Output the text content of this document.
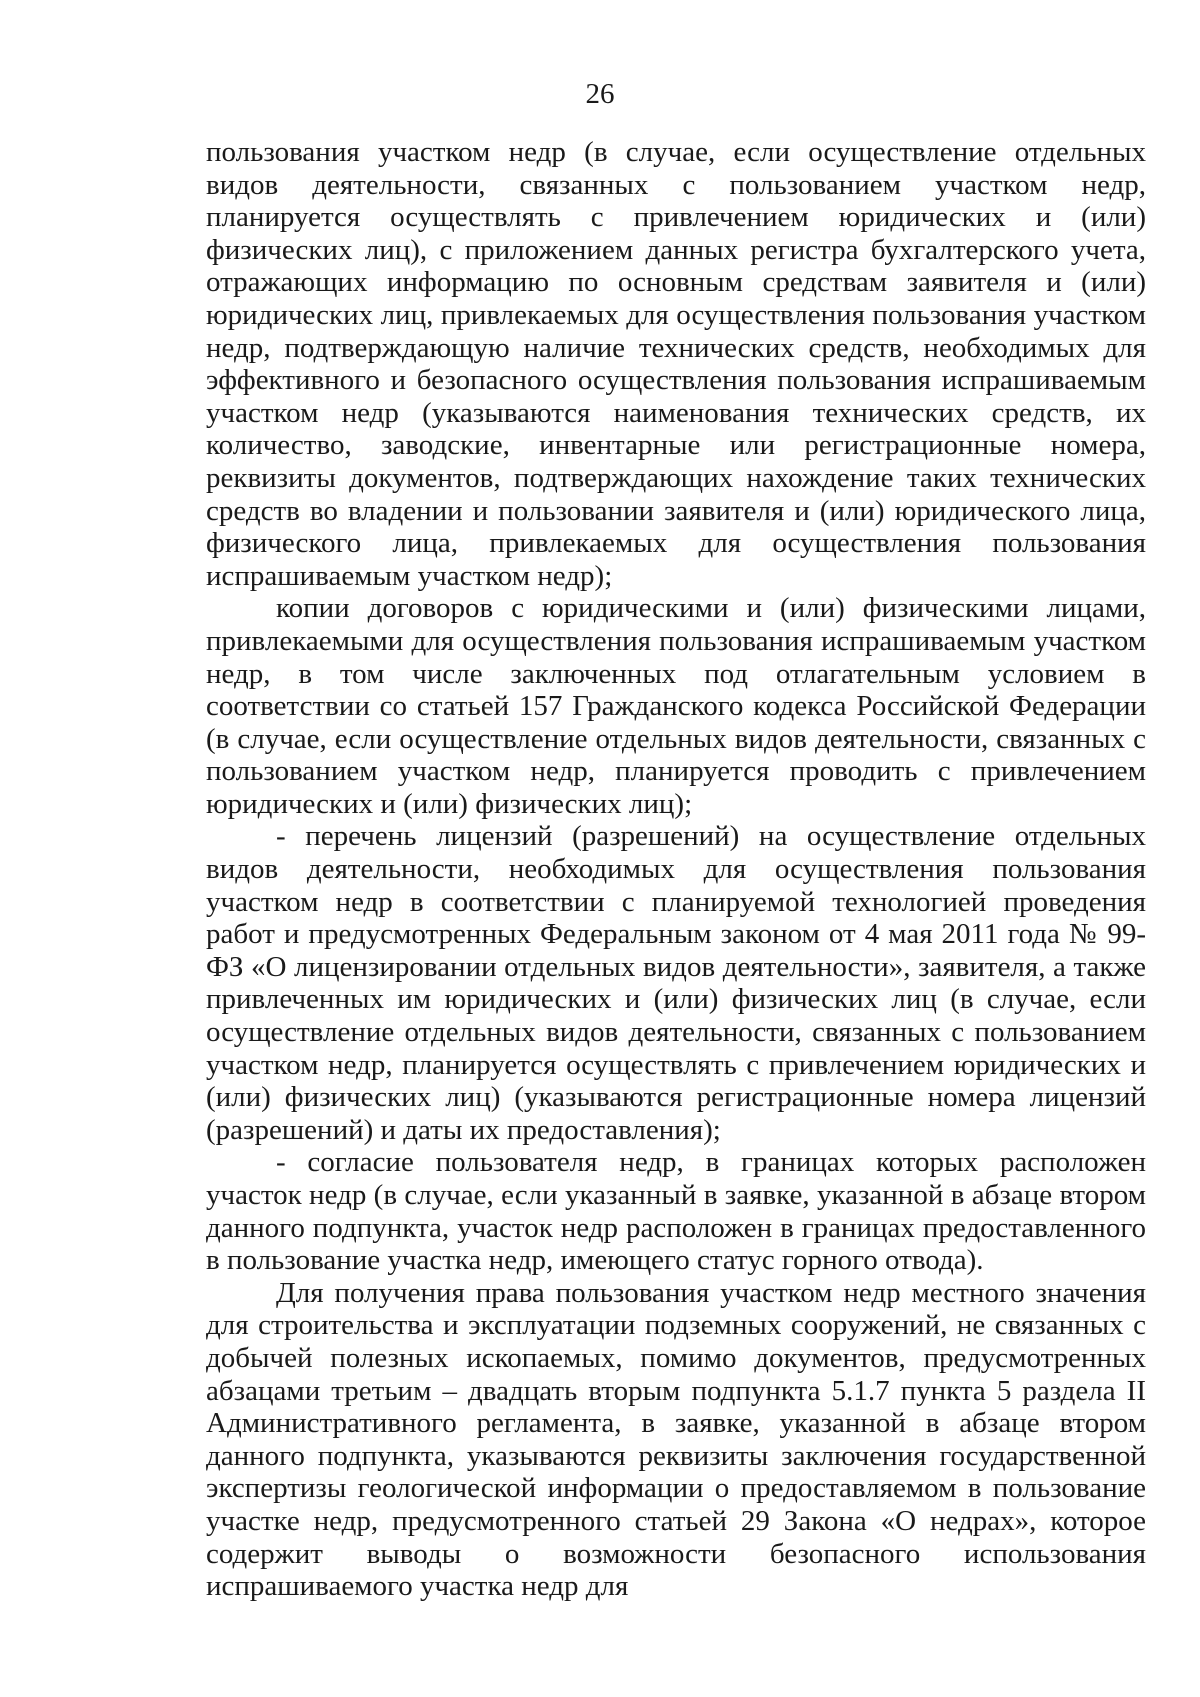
26

пользования участком недр (в случае, если осуществление отдельных видов деятельности, связанных с пользованием участком недр, планируется осуществлять с привлечением юридических и (или) физических лиц), с приложением данных регистра бухгалтерского учета, отражающих информацию по основным средствам заявителя и (или) юридических лиц, привлекаемых для осуществления пользования участком недр, подтверждающую наличие технических средств, необходимых для эффективного и безопасного осуществления пользования испрашиваемым участком недр (указываются наименования технических средств, их количество, заводские, инвентарные или регистрационные номера, реквизиты документов, подтверждающих нахождение таких технических средств во владении и пользовании заявителя и (или) юридического лица, физического лица, привлекаемых для осуществления пользования испрашиваемым участком недр);

копии договоров с юридическими и (или) физическими лицами, привлекаемыми для осуществления пользования испрашиваемым участком недр, в том числе заключенных под отлагательным условием в соответствии со статьей 157 Гражданского кодекса Российской Федерации (в случае, если осуществление отдельных видов деятельности, связанных с пользованием участком недр, планируется проводить с привлечением юридических и (или) физических лиц);

- перечень лицензий (разрешений) на осуществление отдельных видов деятельности, необходимых для осуществления пользования участком недр в соответствии с планируемой технологией проведения работ и предусмотренных Федеральным законом от 4 мая 2011 года № 99-ФЗ «О лицензировании отдельных видов деятельности», заявителя, а также привлеченных им юридических и (или) физических лиц (в случае, если осуществление отдельных видов деятельности, связанных с пользованием участком недр, планируется осуществлять с привлечением юридических и (или) физических лиц) (указываются регистрационные номера лицензий (разрешений) и даты их предоставления);

- согласие пользователя недр, в границах которых расположен участок недр (в случае, если указанный в заявке, указанной в абзаце втором данного подпункта, участок недр расположен в границах предоставленного в пользование участка недр, имеющего статус горного отвода).

Для получения права пользования участком недр местного значения для строительства и эксплуатации подземных сооружений, не связанных с добычей полезных ископаемых, помимо документов, предусмотренных абзацами третьим – двадцать вторым подпункта 5.1.7 пункта 5 раздела II Административного регламента, в заявке, указанной в абзаце втором данного подпункта, указываются реквизиты заключения государственной экспертизы геологической информации о предоставляемом в пользование участке недр, предусмотренного статьей 29 Закона «О недрах», которое содержит выводы о возможности безопасного использования испрашиваемого участка недр для
